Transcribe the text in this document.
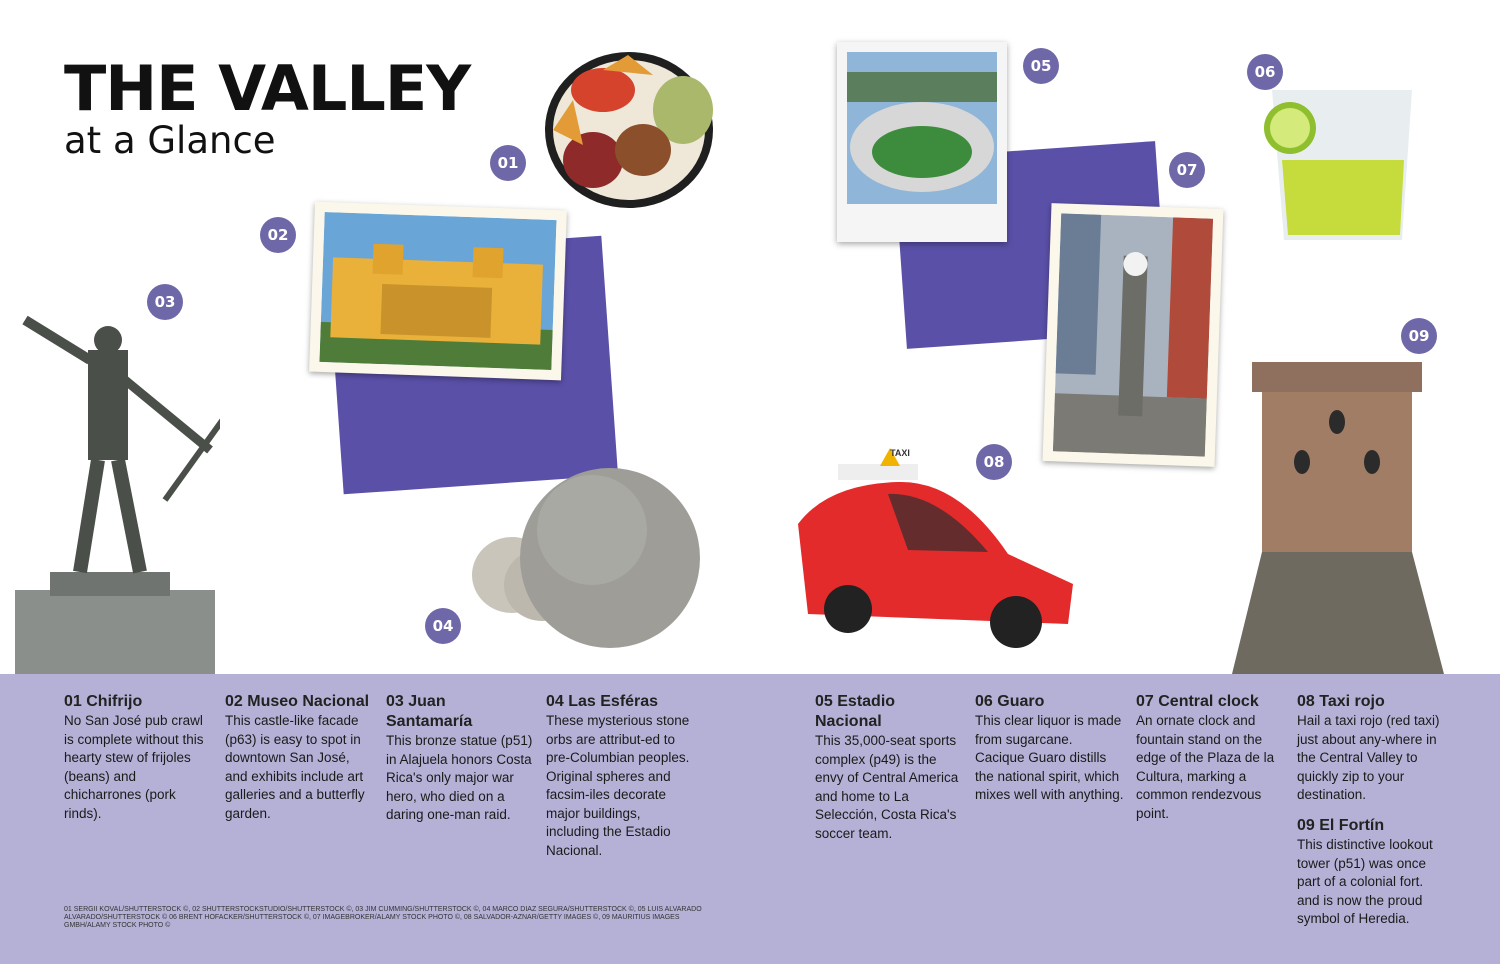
THE VALLEY
at a Glance
01
02
03
04
05	06
07
TAXI	08
09
01 Chifrijo

No San José pub crawl is complete without this hearty stew of frijoles (beans) and chicharrones (pork rinds).

02 Museo Nacional

This castle-like facade (p63) is easy to spot in downtown San José, and exhibits include art galleries and a butterfly garden.

03 Juan Santamaría

This bronze statue (p51) in Alajuela honors Costa Rica's only major war hero, who died on a daring one-man raid.

04 Las Esféras

These mysterious stone orbs are attribut-ed to pre-Columbian peoples. Original spheres and facsim-iles decorate major buildings, including the Estadio Nacional.

05 Estadio Nacional

This 35,000-seat sports complex (p49) is the envy of Central America and home to La Selección, Costa Rica's soccer team.

06 Guaro

This clear liquor is made from sugarcane. Cacique Guaro distills the national spirit, which mixes well with anything.

07 Central clock

An ornate clock and fountain stand on the edge of the Plaza de la Cultura, marking a common rendezvous point.

08 Taxi rojo

Hail a taxi rojo (red taxi) just about any-where in the Central Valley to quickly zip to your destination.

09 El Fortín

This distinctive lookout tower (p51) was once part of a colonial fort. and is now the proud symbol of Heredia.

01 SERGII KOVAL/SHUTTERSTOCK ©, 02 SHUTTERSTOCKSTUDIO/SHUTTERSTOCK ©, 03 JIM CUMMING/SHUTTERSTOCK ©, 04 MARCO DIAZ SEGURA/SHUTTERSTOCK ©, 05 LUIS ALVARADO ALVARADO/SHUTTERSTOCK © 06 BRENT HOFACKER/SHUTTERSTOCK ©, 07 IMAGEBROKER/ALAMY STOCK PHOTO ©, 08 SALVADOR-AZNAR/GETTY IMAGES ©, 09 MAURITIUS IMAGES GMBH/ALAMY STOCK PHOTO ©
